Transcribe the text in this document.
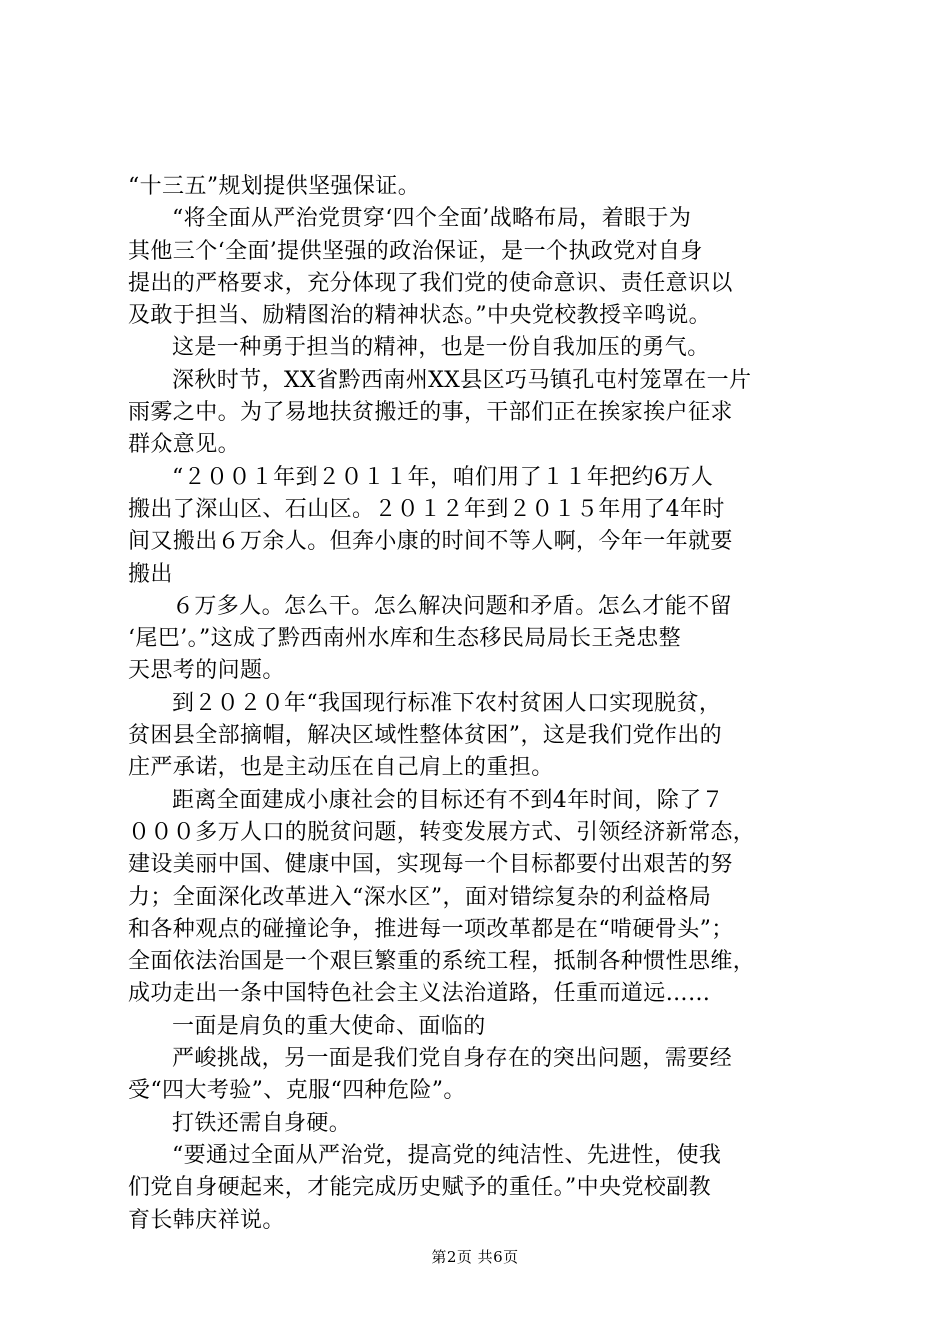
“十三五”规划提供坚强保证。
“将全面从严治党贯穿‘四个全面’战略布局，着眼于为
其他三个‘全面’提供坚强的政治保证，是一个执政党对自身
提出的严格要求，充分体现了我们党的使命意识、责任意识以
及敢于担当、励精图治的精神状态。”中央党校教授辛鸣说。
这是一种勇于担当的精神，也是一份自我加压的勇气。
深秋时节，XX省黔西南州XX县区巧马镇孔屯村笼罩在一片
雨雾之中。为了易地扶贫搬迁的事，干部们正在挨家挨户征求
群众意见。
“２００１年到２０１１年，咱们用了１１年把约6万人
搬出了深山区、石山区。２０１２年到２０１５年用了4年时
间又搬出６万余人。但奔小康的时间不等人啊，今年一年就要
搬出
６万多人。怎么干。怎么解决问题和矛盾。怎么才能不留
‘尾巴’。”这成了黔西南州水库和生态移民局局长王尧忠整
天思考的问题。
到２０２０年“我国现行标准下农村贫困人口实现脱贫，
贫困县全部摘帽，解决区域性整体贫困”，这是我们党作出的
庄严承诺，也是主动压在自己肩上的重担。
距离全面建成小康社会的目标还有不到4年时间，除了７
０００多万人口的脱贫问题，转变发展方式、引领经济新常态，
建设美丽中国、健康中国，实现每一个目标都要付出艰苦的努
力；全面深化改革进入“深水区”，面对错综复杂的利益格局
和各种观点的碰撞论争，推进每一项改革都是在“啃硬骨头”；
全面依法治国是一个艰巨繁重的系统工程，抵制各种惯性思维，
成功走出一条中国特色社会主义法治道路，任重而道远……
一面是肩负的重大使命、面临的
严峻挑战，另一面是我们党自身存在的突出问题，需要经
受“四大考验”、克服“四种危险”。
打铁还需自身硬。
“要通过全面从严治党，提高党的纯洁性、先进性，使我
们党自身硬起来，才能完成历史赋予的重任。”中央党校副教
育长韩庆祥说。
第2页 共6页
